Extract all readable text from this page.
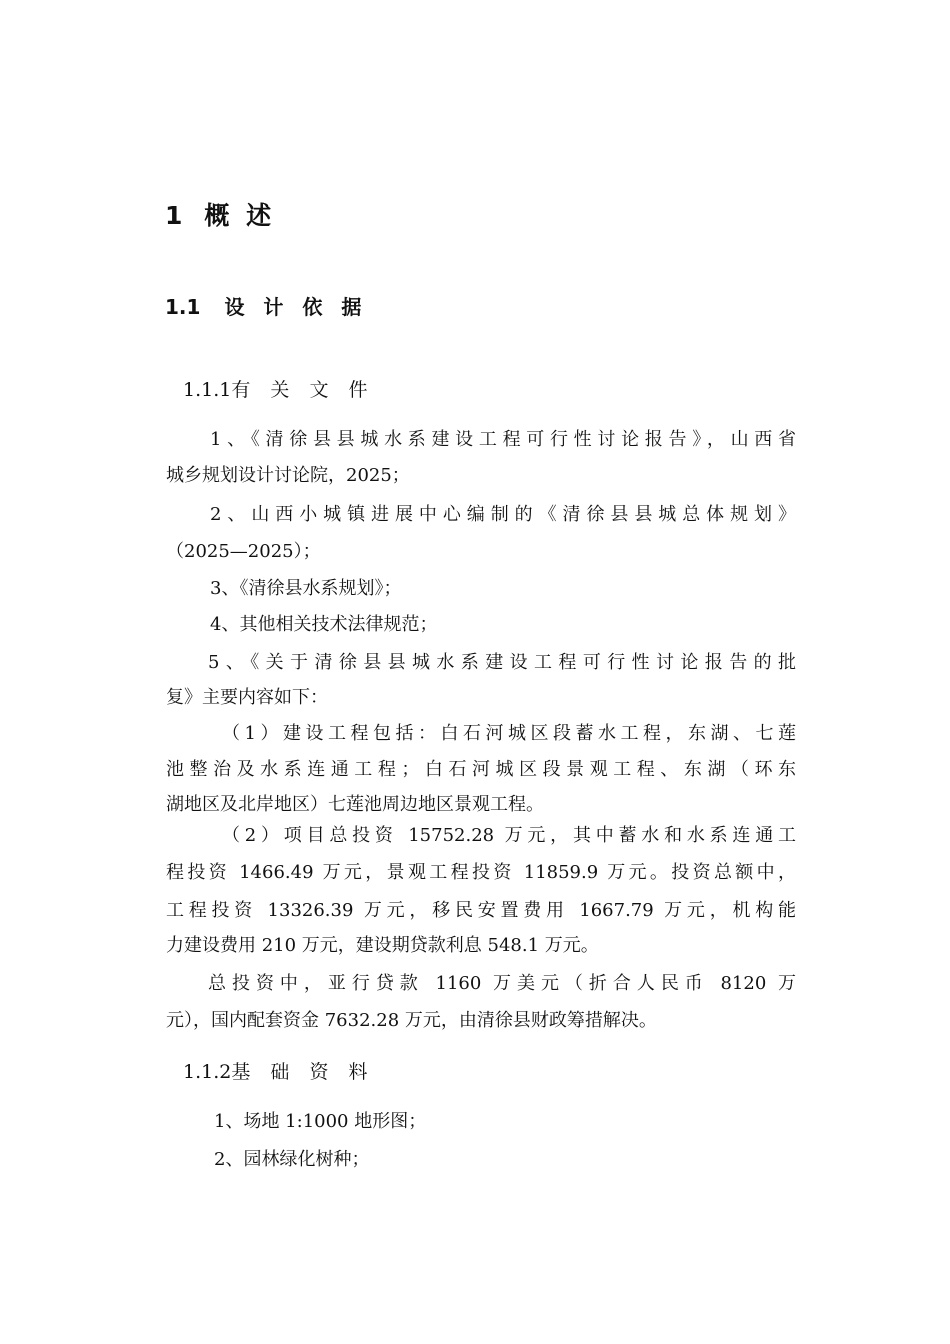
1 概 述
1.1 设 计 依 据
1.1.1有 关 文 件
1、《清徐县县城水系建设工程可行性讨论报告》，山西省
城乡规划设计讨论院，2025；
2、山西小城镇进展中心编制的《清徐县县城总体规划》
（2025—2025）；
3、《清徐县水系规划》；
4、其他相关技术法律规范；
5、《关于清徐县县城水系建设工程可行性讨论报告的批
复》主要内容如下：
（1）建设工程包括：白石河城区段蓄水工程，东湖、七莲
池整治及水系连通工程；白石河城区段景观工程、东湖（环东
湖地区及北岸地区）七莲池周边地区景观工程。
（2）项目总投资 15752.28 万元，其中蓄水和水系连通工
程投资 1466.49 万元，景观工程投资 11859.9 万元。投资总额中，
工程投资 13326.39 万元，移民安置费用 1667.79 万元，机构能
力建设费用 210 万元，建设期贷款利息 548.1 万元。
总投资中，亚行贷款 1160 万美元（折合人民币 8120 万
元），国内配套资金 7632.28 万元，由清徐县财政筹措解决。
1.1.2基 础 资 料
1、场地 1:1000 地形图；
2、园林绿化树种；
